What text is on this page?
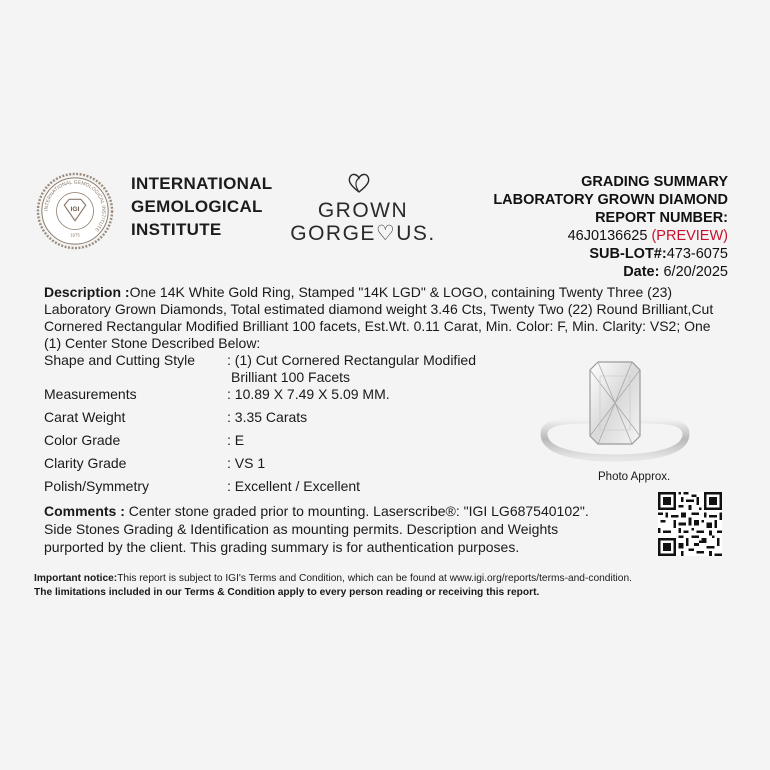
INTERNATIONAL GEMOLOGICAL INSTITUTE
IGI
1975
INTERNATIONAL
GEMOLOGICAL
INSTITUTE
GROWN
GORGE♡US.
GRADING SUMMARY
LABORATORY GROWN DIAMOND
REPORT NUMBER:
46J0136625 (PREVIEW)
SUB-LOT#:473-6075
Date: 6/20/2025
Description :One 14K White Gold Ring, Stamped "14K LGD" & LOGO, containing Twenty Three (23) Laboratory Grown Diamonds, Total estimated diamond weight 3.46 Cts, Twenty Two (22) Round Brilliant,Cut Cornered Rectangular Modified Brilliant 100 facets, Est.Wt. 0.11 Carat, Min. Color: F, Min. Clarity: VS2; One (1) Center Stone Described Below:
Shape and Cutting Style : (1) Cut Cornered Rectangular Modified
Brilliant 100 Facets
Measurements	: 10.89 X 7.49 X 5.09 MM.
Carat Weight	: 3.35 Carats
Color Grade	: E
Clarity Grade	: VS 1
Polish/Symmetry	: Excellent / Excellent
Photo Approx.
Comments : Center stone graded prior to mounting. Laserscribe®: "IGI LG687540102".
Side Stones Grading & Identification as mounting permits. Description and Weights
purported by the client. This grading summary is for authentication purposes.
Important notice:This report is subject to IGI's Terms and Condition, which can be found at www.igi.org/reports/terms-and-condition.
The limitations included in our Terms & Condition apply to every person reading or receiving this report.
